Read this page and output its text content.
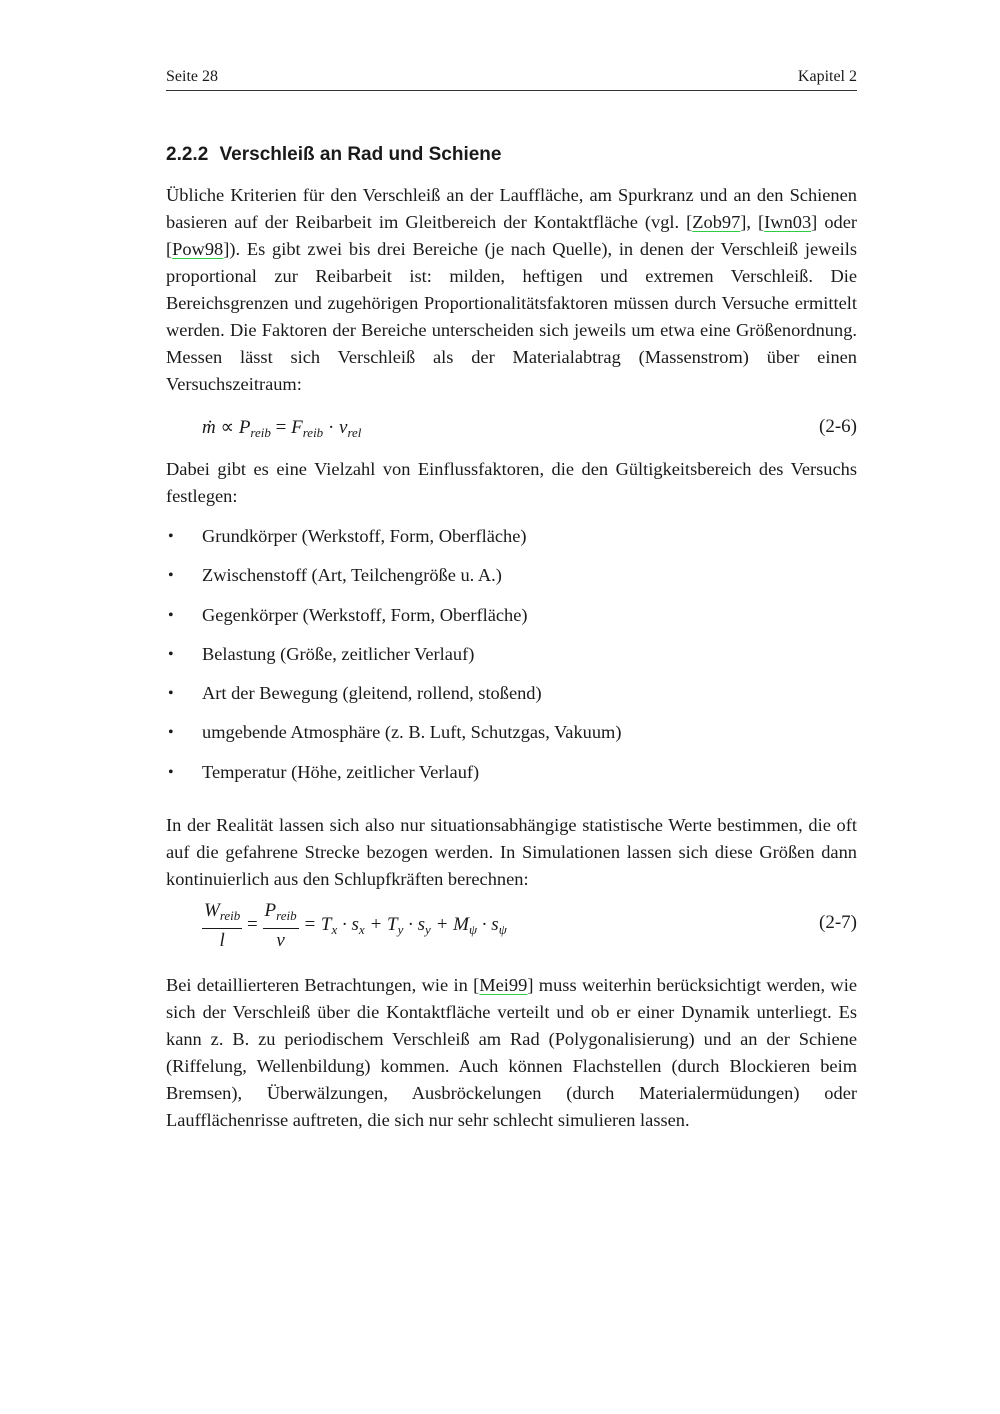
Seite 28	Kapitel 2
2.2.2 Verschleiß an Rad und Schiene

Übliche Kriterien für den Verschleiß an der Lauffläche, am Spurkranz und an den Schienen basieren auf der Reibarbeit im Gleitbereich der Kontaktfläche (vgl. [Zob97], [Iwn03] oder [Pow98]). Es gibt zwei bis drei Bereiche (je nach Quelle), in denen der Verschleiß jeweils proportional zur Reibarbeit ist: milden, heftigen und extremen Verschleiß. Die Bereichsgrenzen und zugehörigen Proportionalitätsfaktoren müssen durch Versuche ermittelt werden. Die Faktoren der Bereiche unterscheiden sich jeweils um etwa eine Größenordnung. Messen lässt sich Verschleiß als der Materialabtrag (Massenstrom) über einen Versuchszeitraum:

ṁ ∝ $P_{reib} = F_{reib} \cdot v_{rel}$	(2-6)

Dabei gibt es eine Vielzahl von Einflussfaktoren, die den Gültigkeitsbereich des Versuchs festlegen:

• Grundkörper (Werkstoff, Form, Oberfläche)
• Zwischenstoff (Art, Teilchengröße u. A.)
• Gegenkörper (Werkstoff, Form, Oberfläche)
• Belastung (Größe, zeitlicher Verlauf)
• Art der Bewegung (gleitend, rollend, stoßend)
• umgebende Atmosphäre (z. B. Luft, Schutzgas, Vakuum)
• Temperatur (Höhe, zeitlicher Verlauf)

In der Realität lassen sich also nur situationsabhängige statistische Werte bestimmen, die oft auf die gefahrene Strecke bezogen werden. In Simulationen lassen sich diese Größen dann kontinuierlich aus den Schlupfkräften berechnen:

$\frac{W_{reib}}{l} = \frac{P_{reib}}{v} = T_x \cdot s_x + T_y \cdot s_y + M_\psi \cdot s_\psi$	(2-7)

Bei detaillierteren Betrachtungen, wie in [Mei99] muss weiterhin berücksichtigt werden, wie sich der Verschleiß über die Kontaktfläche verteilt und ob er einer Dynamik unterliegt. Es kann z. B. zu periodischem Verschleiß am Rad (Polygonalisierung) und an der Schiene (Riffelung, Wellenbildung) kommen. Auch können Flachstellen (durch Blockieren beim Bremsen), Überwälzungen, Ausbröckelungen (durch Materialermüdungen) oder Laufflächenrisse auftreten, die sich nur sehr schlecht simulieren lassen.
